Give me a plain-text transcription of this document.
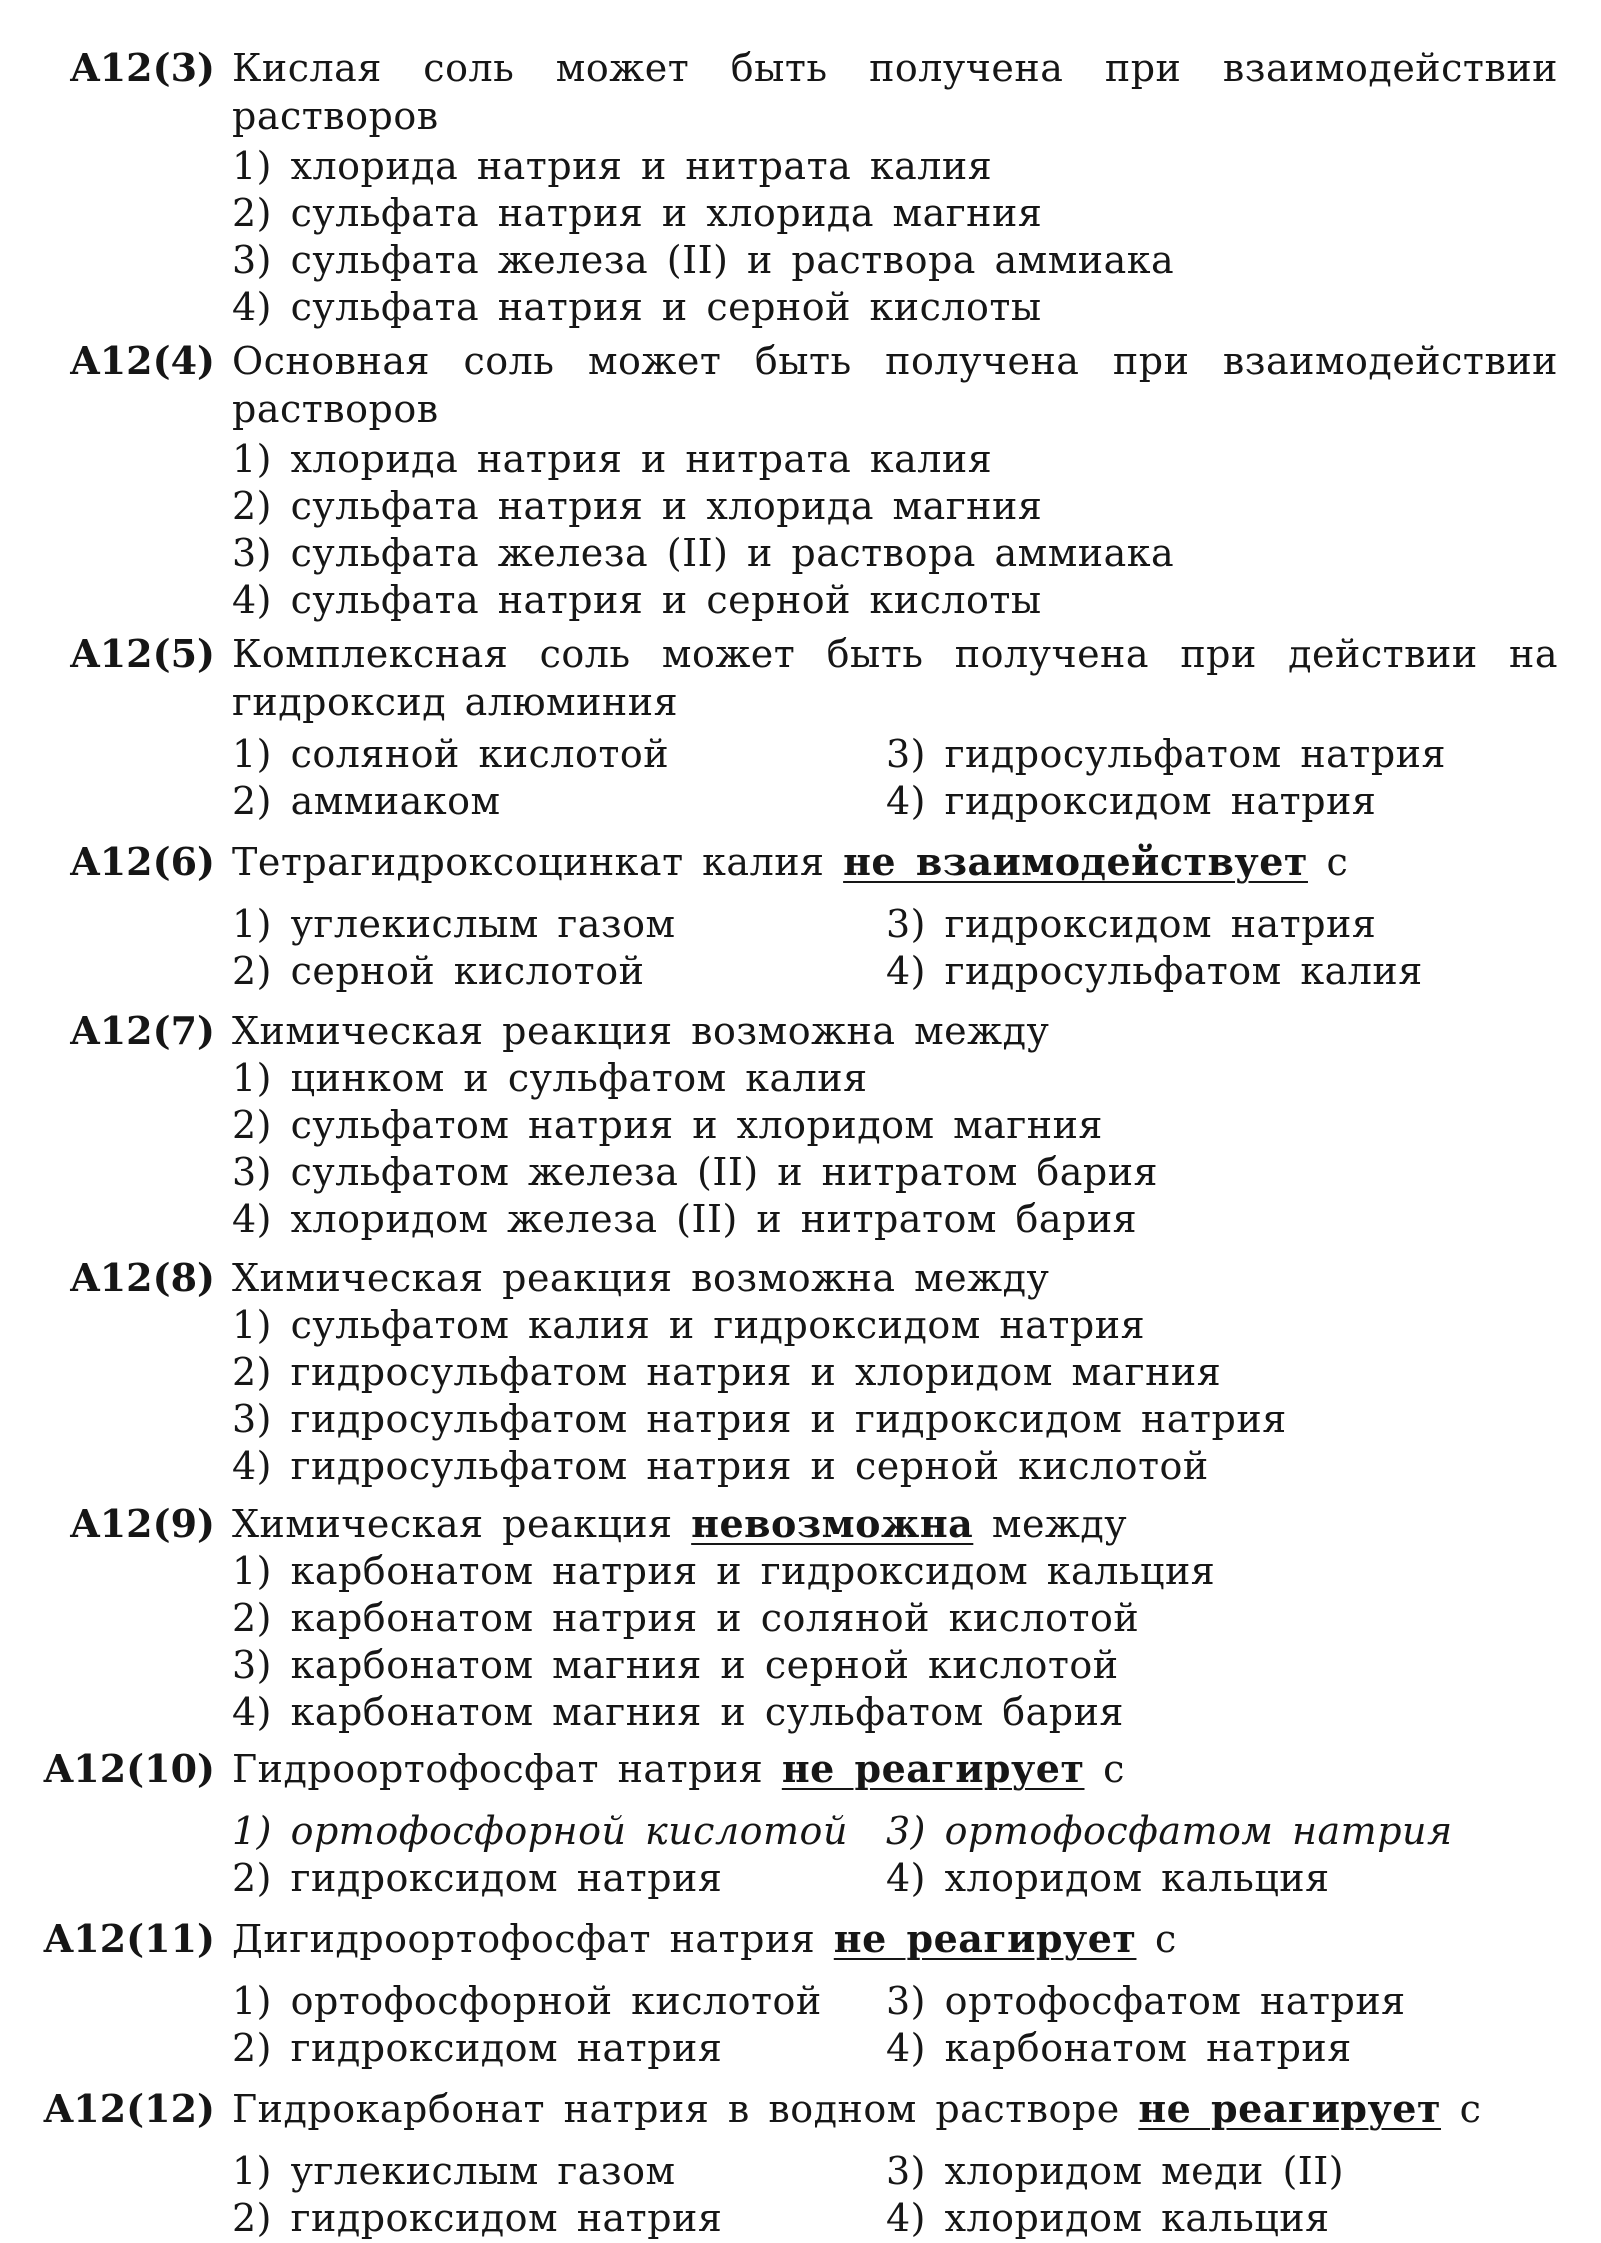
A12(3) Кислая соль может быть получена при взаимодействии растворов
1) хлорида натрия и нитрата калия
2) сульфата натрия и хлорида магния
3) сульфата железа (II) и раствора аммиака
4) сульфата натрия и серной кислоты
A12(4) Основная соль может быть получена при взаимодействии растворов
1) хлорида натрия и нитрата калия
2) сульфата натрия и хлорида магния
3) сульфата железа (II) и раствора аммиака
4) сульфата натрия и серной кислоты
A12(5) Комплексная соль может быть получена при действии на гидроксид алюминия
1) соляной кислотой	3) гидросульфатом натрия
2) аммиаком	4) гидроксидом натрия
A12(6) Тетрагидроксоцинкат калия не взаимодействует с
1) углекислым газом	3) гидроксидом натрия
2) серной кислотой	4) гидросульфатом калия
A12(7) Химическая реакция возможна между
1) цинком и сульфатом калия
2) сульфатом натрия и хлоридом магния
3) сульфатом железа (II) и нитратом бария
4) хлоридом железа (II) и нитратом бария
A12(8) Химическая реакция возможна между
1) сульфатом калия и гидроксидом натрия
2) гидросульфатом натрия и хлоридом магния
3) гидросульфатом натрия и гидроксидом натрия
4) гидросульфатом натрия и серной кислотой
A12(9) Химическая реакция невозможна между
1) карбонатом натрия и гидроксидом кальция
2) карбонатом натрия и соляной кислотой
3) карбонатом магния и серной кислотой
4) карбонатом магния и сульфатом бария
A12(10) Гидроортофосфат натрия не реагирует с
1) ортофосфорной кислотой 3) ортофосфатом натрия
2) гидроксидом натрия	4) хлоридом кальция
A12(11) Дигидроортофосфат натрия не реагирует с
1) ортофосфорной кислотой 3) ортофосфатом натрия
2) гидроксидом натрия	4) карбонатом натрия
A12(12) Гидрокарбонат натрия в водном растворе не реагирует с
1) углекислым газом	3) хлоридом меди (II)
2) гидроксидом натрия	4) хлоридом кальция
